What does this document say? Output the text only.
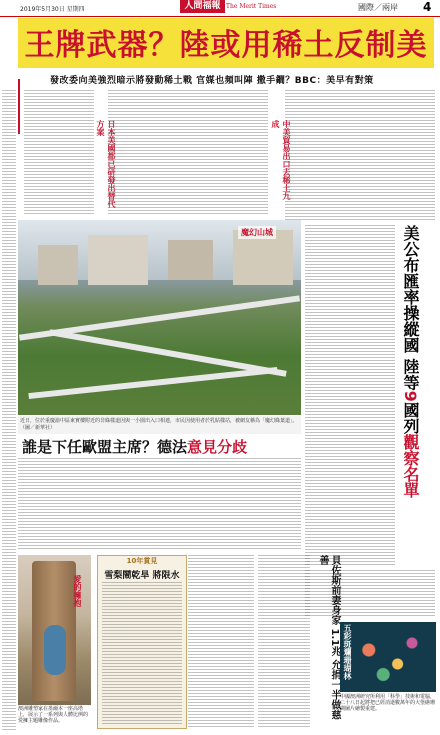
2019年5月30日 星期四	人間福報 The Merit Times	國際／兩岸 4
王牌武器？陸或用稀土反制美
發改委向美強烈暗示將發動稀土戰 官媒也頻叫陣 撒手鐧？BBC：美早有對策
日本美國都已研發出替代方案	中美貿易出口去稀土九成
魔幻山城
近日，位於重慶渝中區東實樓附近的非綠樣道因與一小園出入口相連，市民因使用者於乳貼樣站，被網友稱為「魔幻綠葉道」。（圖／新華社）
美公布匯率操縱國 陸等9國列觀察名單
誰是下任歐盟主席？德法意見分歧
愛的擁抱
澳洲雕塑家在墨爾本一座高塔上，展示了一系列與人體比例的愛擁主題雕像作品。
10年賞見
雪梨鬧乾旱 將限水	貝佐斯前妻身家 1.1兆 允捐一半做慈善
五彩斑斕珊瑚林
中國澳洲研究所利用「科學」技術和電腦，二十八日起將把已經消逝數萬年的大堡礁珊瑚圖片繪製重建。
